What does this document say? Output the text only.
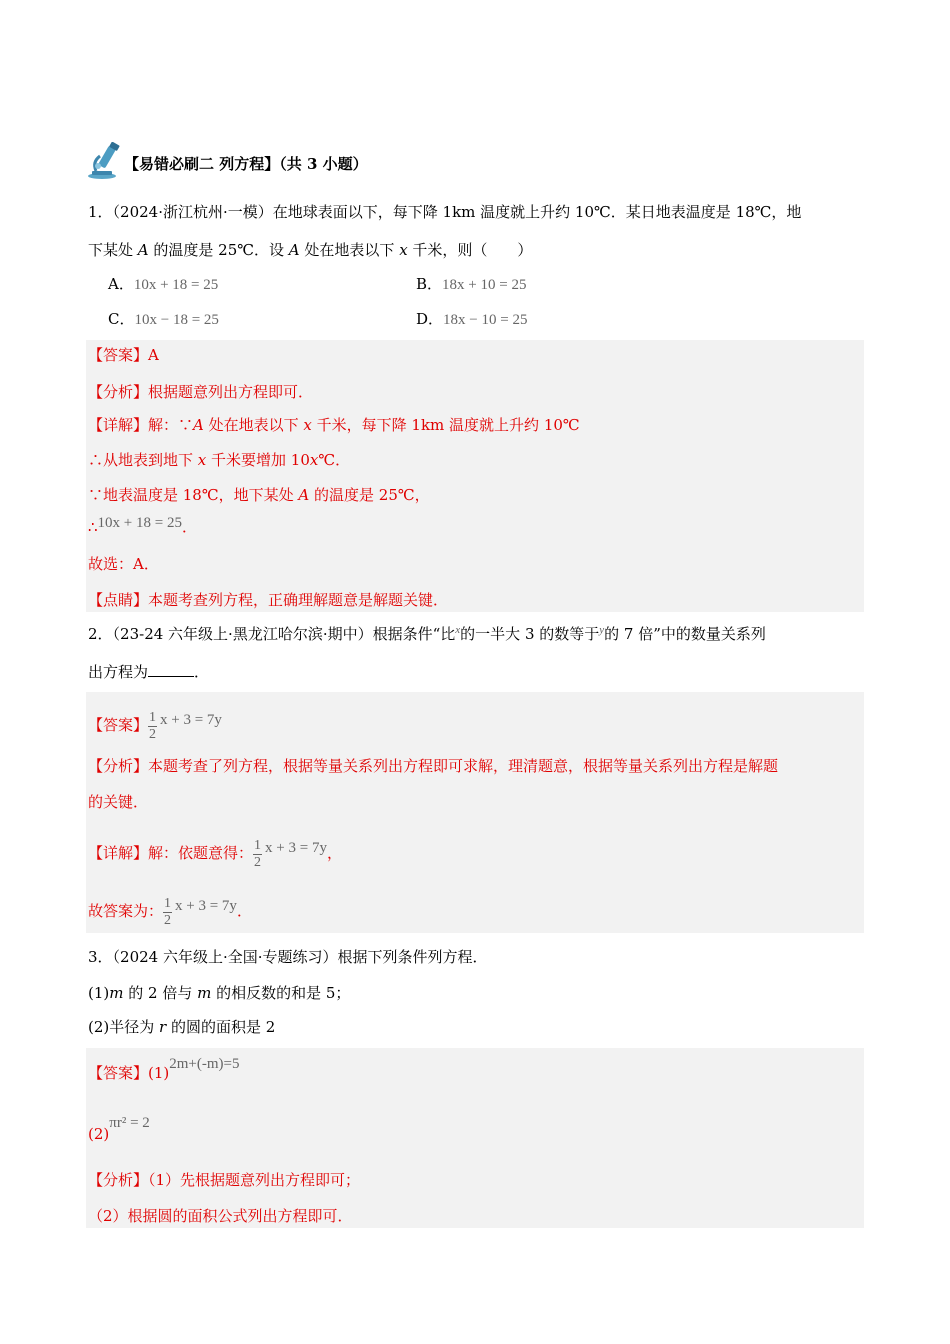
【易错必刷二 列方程】（共 3 小题）
1．（2024·浙江杭州·一模）在地球表面以下，每下降 1km 温度就上升约 10℃．某日地表温度是 18℃，地
下某处 A 的温度是 25℃．设 A 处在地表以下 x 千米，则（　　）
A．10x + 18 = 25	B．18x + 10 = 25
C．10x − 18 = 25	D．18x − 10 = 25
【答案】A
【分析】根据题意列出方程即可．
【详解】解：∵A 处在地表以下 x 千米，每下降 1km 温度就上升约 10℃
∴从地表到地下 x 千米要增加 10x℃．
∵地表温度是 18℃，地下某处 A 的温度是 25℃，
∴10x + 18 = 25．
故选：A．
【点睛】本题考查列方程，正确理解题意是解题关键．
2．（23-24 六年级上·黑龙江哈尔滨·期中）根据条件“比$^x$的一半大 3 的数等于$^y$的 7 倍”中的数量关系列
出方程为	．
【答案】 $\frac{1}{2}$ x + 3 = 7y
【分析】本题考查了列方程，根据等量关系列出方程即可求解，理清题意，根据等量关系列出方程是解题
的关键．
【详解】解：依题意得： $\frac{1}{2}$ x + 3 = 7y，
故答案为： $\frac{1}{2}$ x + 3 = 7y．
3．（2024 六年级上·全国·专题练习）根据下列条件列方程．
(1)m 的 2 倍与 m 的相反数的和是 5；
(2)半径为 r 的圆的面积是 2
【答案】(1)2m+(-m)=5
(2)πr² = 2
【分析】（1）先根据题意列出方程即可；
（2）根据圆的面积公式列出方程即可．
